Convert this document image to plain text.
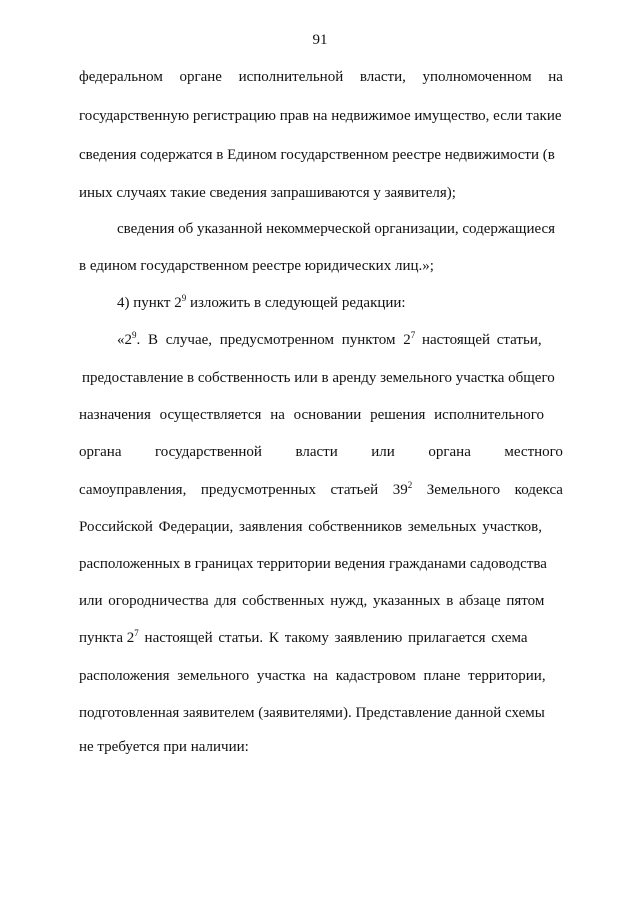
91
федеральном органе исполнительной власти, уполномоченном на
государственную регистрацию прав на недвижимое имущество, если такие
сведения содержатся в Едином государственном реестре недвижимости (в
иных случаях такие сведения запрашиваются у заявителя);
сведения об указанной некоммерческой организации, содержащиеся
в едином государственном реестре юридических лиц.»;
4) пункт $2^9$ изложить в следующей редакции:
«$2^9$. В случае, предусмотренном пунктом $2^7$ настоящей статьи,
предоставление в собственность или в аренду земельного участка общего
назначения осуществляется на основании решения исполнительного
органа государственной власти или органа местного
самоуправления, предусмотренных статьей $39^2$ Земельного кодекса
Российской Федерации, заявления собственников земельных участков,
расположенных в границах территории ведения гражданами садоводства
или огородничества для собственных нужд, указанных в абзаце пятом
пункта $2^7$ настоящей статьи. К такому заявлению прилагается схема
расположения земельного участка на кадастровом плане территории,
подготовленная заявителем (заявителями). Представление данной схемы
не требуется при наличии:
